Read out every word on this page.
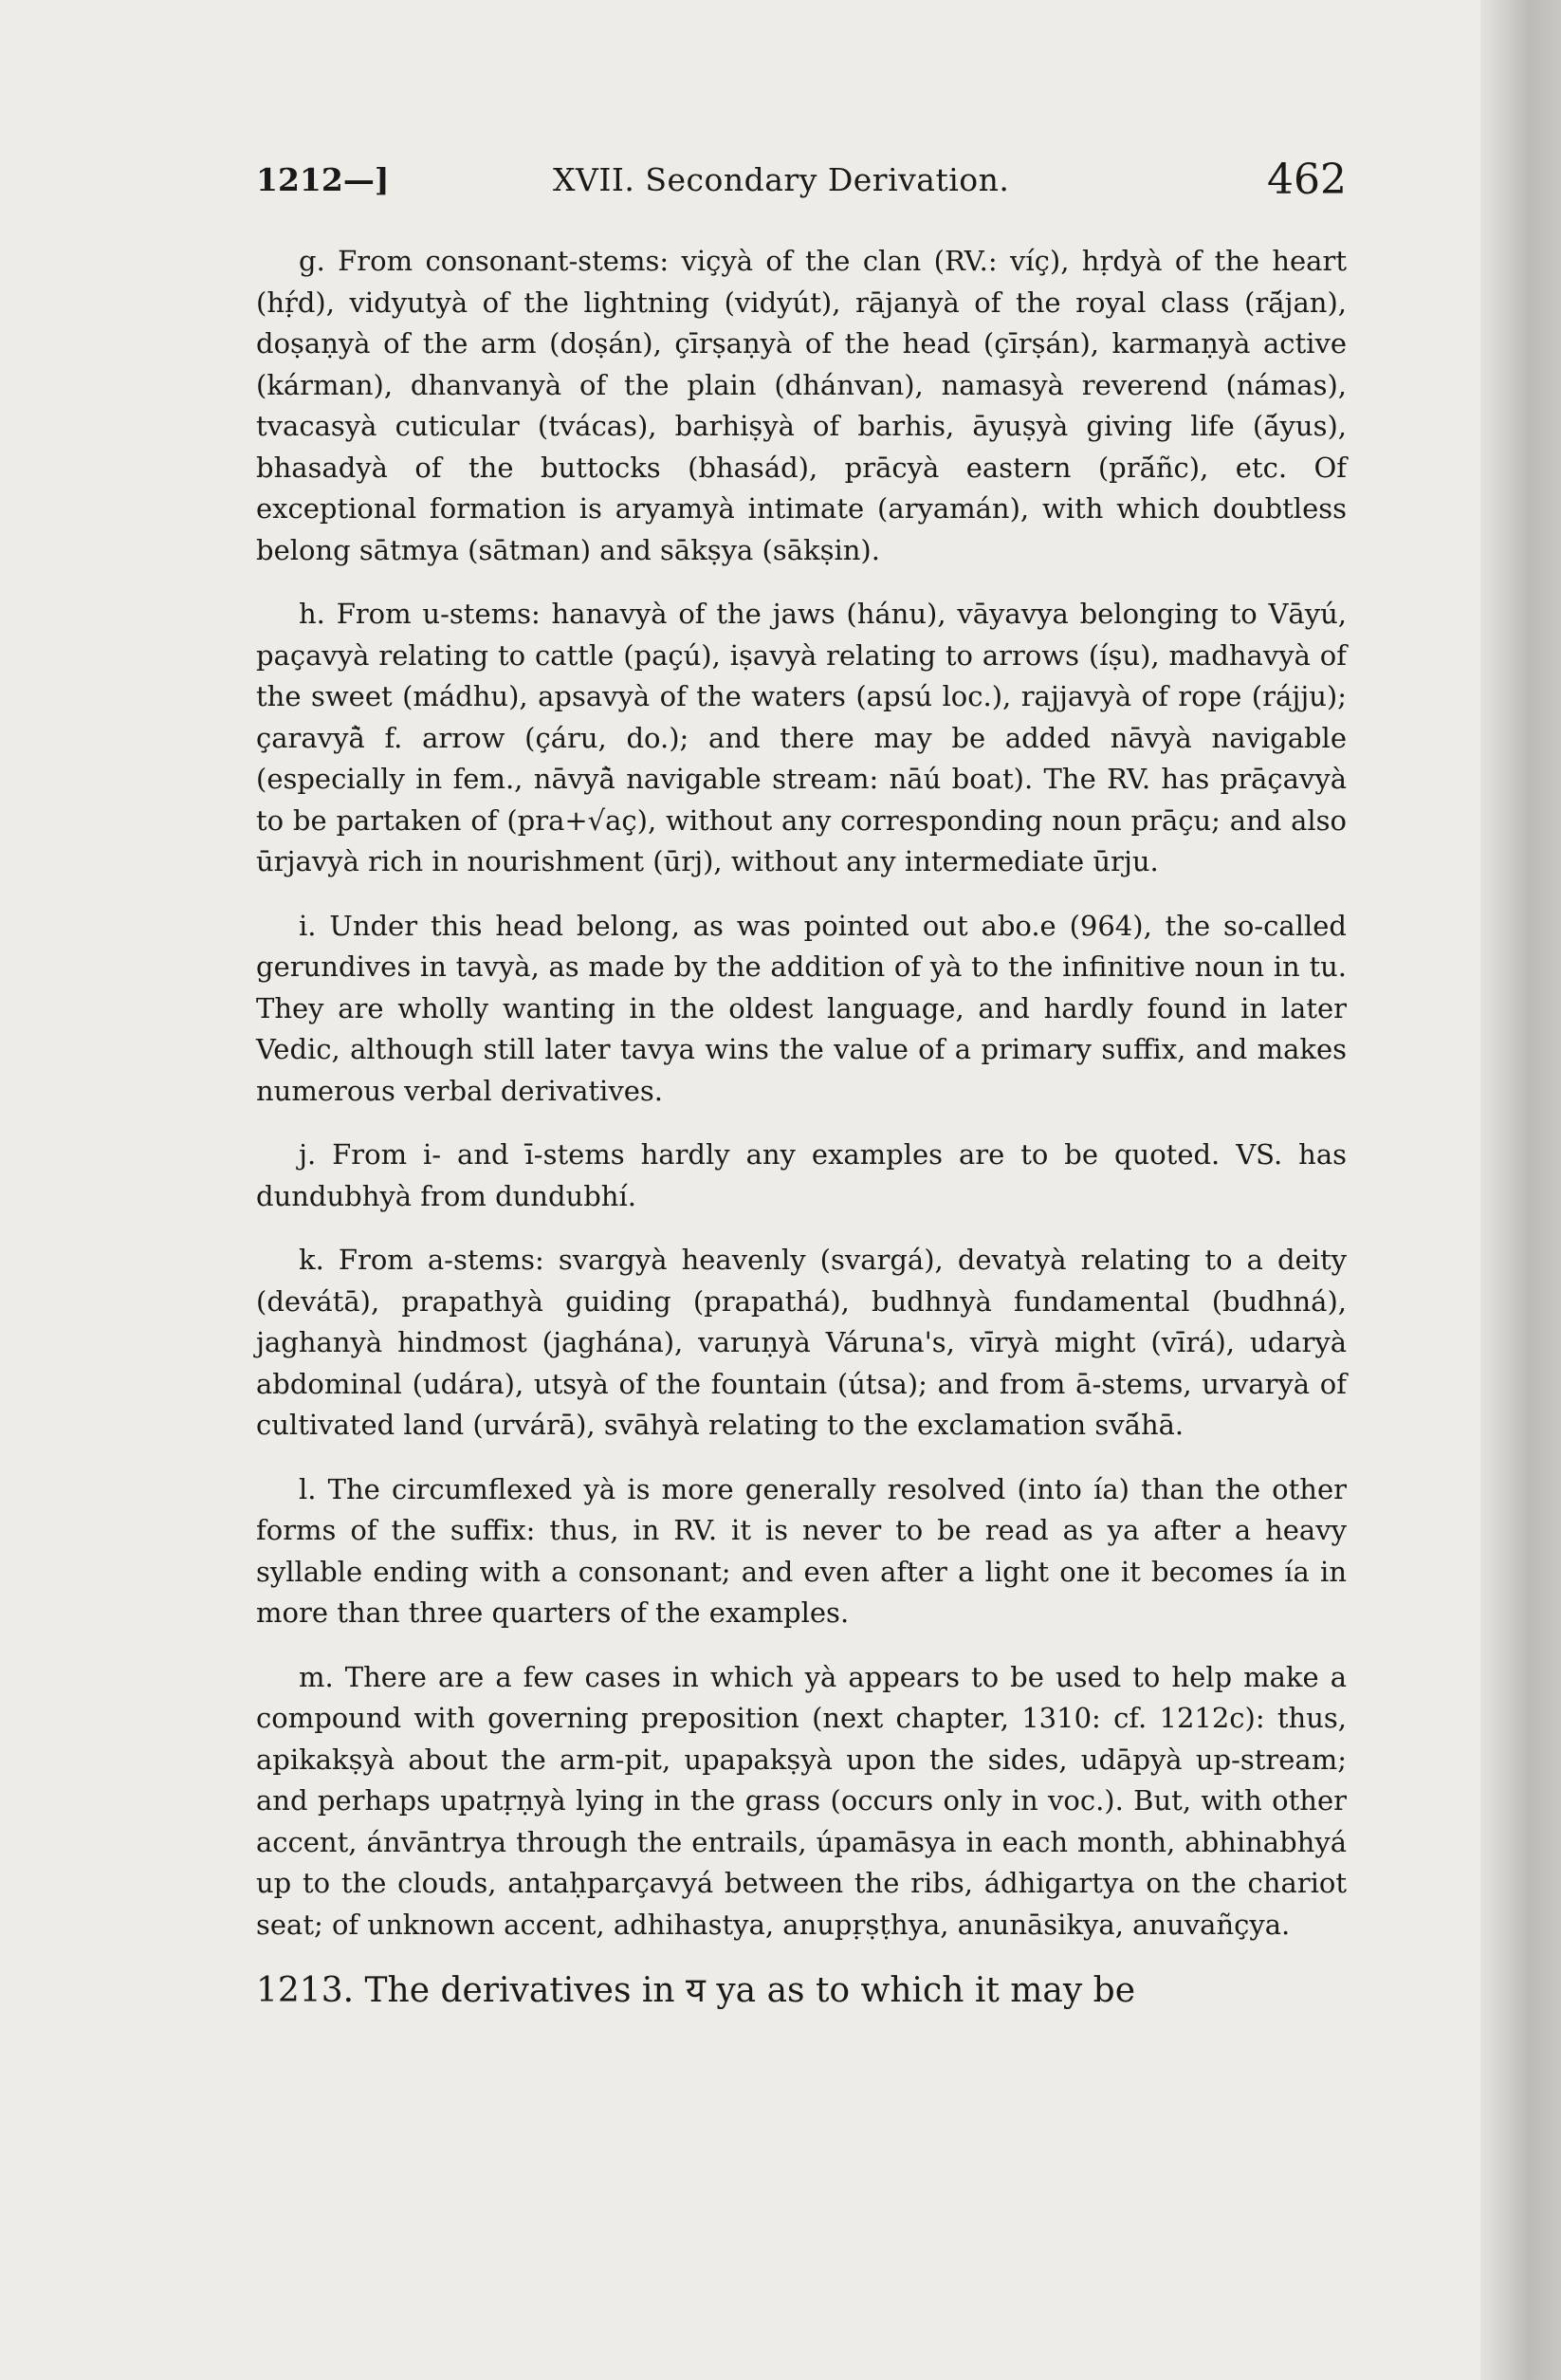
1212—]	XVII. Secondary Derivation.	462

g. From consonant-stems: viçyà of the clan (RV.: víç), hṛdyà of the heart (hṛ́d), vidyutyà of the lightning (vidyút), rājanyà of the royal class (rā́jan), doṣaṇyà of the arm (doṣán), çīrṣaṇyà of the head (çīrṣán), karmaṇyà active (kárman), dhanvanyà of the plain (dhánvan), namasyà reverend (námas), tvacasyà cuticular (tvácas), barhiṣyà of barhis, āyuṣyà giving life (ā́yus), bhasadyà of the buttocks (bhasád), prācyà eastern (prā́ñc), etc. Of exceptional formation is aryamyà intimate (aryamán), with which doubtless belong sātmya (sātman) and sākṣya (sākṣin).

h. From u-stems: hanavyà of the jaws (hánu), vāyavya belonging to Vāyú, paçavyà relating to cattle (paçú), iṣavyà relating to arrows (íṣu), madhavyà of the sweet (mádhu), apsavyà of the waters (apsú loc.), rajjavyà of rope (rájju); çaravyā̀ f. arrow (çáru, do.); and there may be added nāvyà navigable (especially in fem., nāvyā̀ navigable stream: nāú boat). The RV. has prāçavyà to be partaken of (pra+√aç), without any corresponding noun prāçu; and also ūrjavyà rich in nourishment (ūrj), without any intermediate ūrju.

i. Under this head belong, as was pointed out abo.e (964), the so-called gerundives in tavyà, as made by the addition of yà to the infinitive noun in tu. They are wholly wanting in the oldest language, and hardly found in later Vedic, although still later tavya wins the value of a primary suffix, and makes numerous verbal derivatives.

j. From i- and ī-stems hardly any examples are to be quoted. VS. has dundubhyà from dundubhí.

k. From a-stems: svargyà heavenly (svargá), devatyà relating to a deity (devátā), prapathyà guiding (prapathá), budhnyà fundamental (budhná), jaghanyà hindmost (jaghána), varuṇyà Váruna's, vīryà might (vīrá), udaryà abdominal (udára), utsyà of the fountain (útsa); and from ā-stems, urvaryà of cultivated land (urvárā), svāhyà relating to the exclamation svā́hā.

l. The circumflexed yà is more generally resolved (into ía) than the other forms of the suffix: thus, in RV. it is never to be read as ya after a heavy syllable ending with a consonant; and even after a light one it becomes ía in more than three quarters of the examples.

m. There are a few cases in which yà appears to be used to help make a compound with governing preposition (next chapter, 1310: cf. 1212c): thus, apikakṣyà about the arm-pit, upapakṣyà upon the sides, udāpyà up-stream; and perhaps upatṛṇyà lying in the grass (occurs only in voc.). But, with other accent, ánvāntrya through the entrails, úpamāsya in each month, abhinabhyá up to the clouds, antaḥparçavyá between the ribs, ádhigartya on the chariot seat; of unknown accent, adhihastya, anupṛṣṭhya, anunāsikya, anuvañçya.

1213. The derivatives in य ya as to which it may be
